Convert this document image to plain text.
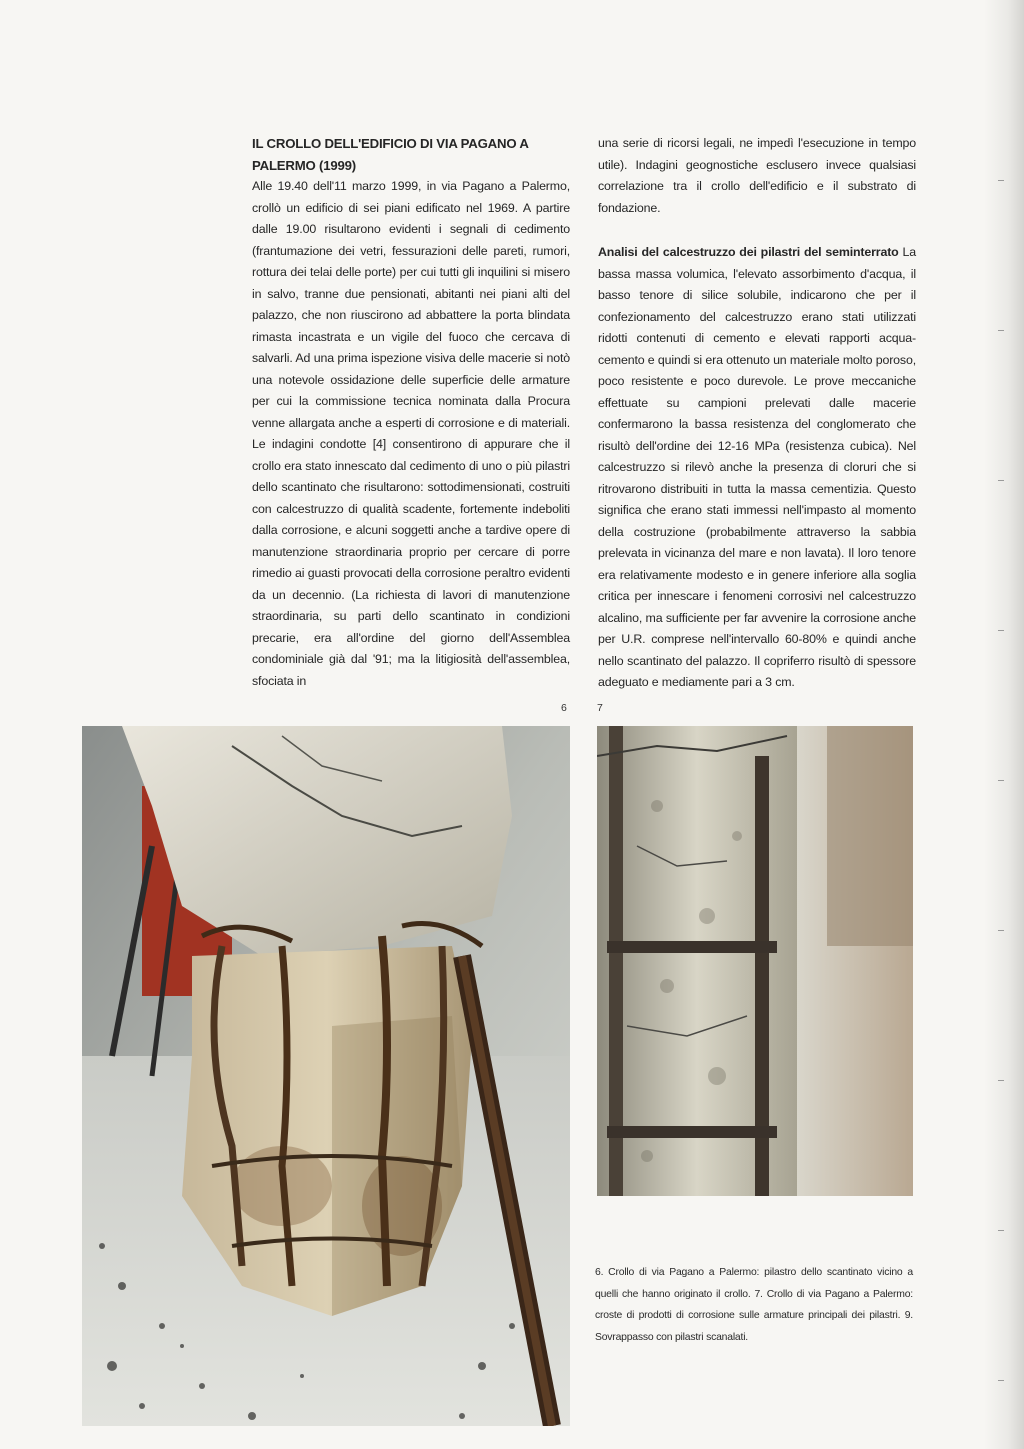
IL CROLLO DELL'EDIFICIO DI VIA PAGANO A PALERMO (1999)

Alle 19.40 dell'11 marzo 1999, in via Pagano a Palermo, crollò un edificio di sei piani edificato nel 1969. A partire dalle 19.00 risultarono evidenti i segnali di cedimento (frantumazione dei vetri, fessurazioni delle pareti, rumori, rottura dei telai delle porte) per cui tutti gli inquilini si misero in salvo, tranne due pensionati, abitanti nei piani alti del palazzo, che non riuscirono ad abbattere la porta blindata rimasta incastrata e un vigile del fuoco che cercava di salvarli. Ad una prima ispezione visiva delle macerie si notò una notevole ossidazione delle superficie delle armature per cui la commissione tecnica nominata dalla Procura venne allargata anche a esperti di corrosione e di materiali. Le indagini condotte [4] consentirono di appurare che il crollo era stato innescato dal cedimento di uno o più pilastri dello scantinato che risultarono: sottodimensionati, costruiti con calcestruzzo di qualità scadente, fortemente indeboliti dalla corrosione, e alcuni soggetti anche a tardive opere di manutenzione straordinaria proprio per cercare di porre rimedio ai guasti provocati della corrosione peraltro evidenti da un decennio. (La richiesta di lavori di manutenzione straordinaria, su parti dello scantinato in condizioni precarie, era all'ordine del giorno dell'Assemblea condominiale già dal '91; ma la litigiosità dell'assemblea, sfociata in

una serie di ricorsi legali, ne impedì l'esecuzione in tempo utile). Indagini geognostiche esclusero invece qualsiasi correlazione tra il crollo dell'edificio e il substrato di fondazione.

Analisi del calcestruzzo dei pilastri del seminterrato La bassa massa volumica, l'elevato assorbimento d'acqua, il basso tenore di silice solubile, indicarono che per il confezionamento del calcestruzzo erano stati utilizzati ridotti contenuti di cemento e elevati rapporti acqua-cemento e quindi si era ottenuto un materiale molto poroso, poco resistente e poco durevole. Le prove meccaniche effettuate su campioni prelevati dalle macerie confermarono la bassa resistenza del conglomerato che risultò dell'ordine dei 12-16 MPa (resistenza cubica). Nel calcestruzzo si rilevò anche la presenza di cloruri che si ritrovarono distribuiti in tutta la massa cementizia. Questo significa che erano stati immessi nell'impasto al momento della costruzione (probabilmente attraverso la sabbia prelevata in vicinanza del mare e non lavata). Il loro tenore era relativamente modesto e in genere inferiore alla soglia critica per innescare i fenomeni corrosivi nel calcestruzzo alcalino, ma sufficiente per far avvenire la corrosione anche per U.R. comprese nell'intervallo 60-80% e quindi anche nello scantinato del palazzo. Il copriferro risultò di spessore adeguato e mediamente pari a 3 cm.

6	7

6. Crollo di via Pagano a Palermo: pilastro dello scantinato vicino a quelli che hanno originato il crollo. 7. Crollo di via Pagano a Palermo: croste di prodotti di corrosione sulle armature principali dei pilastri. 9. Sovrappasso con pilastri scanalati.
